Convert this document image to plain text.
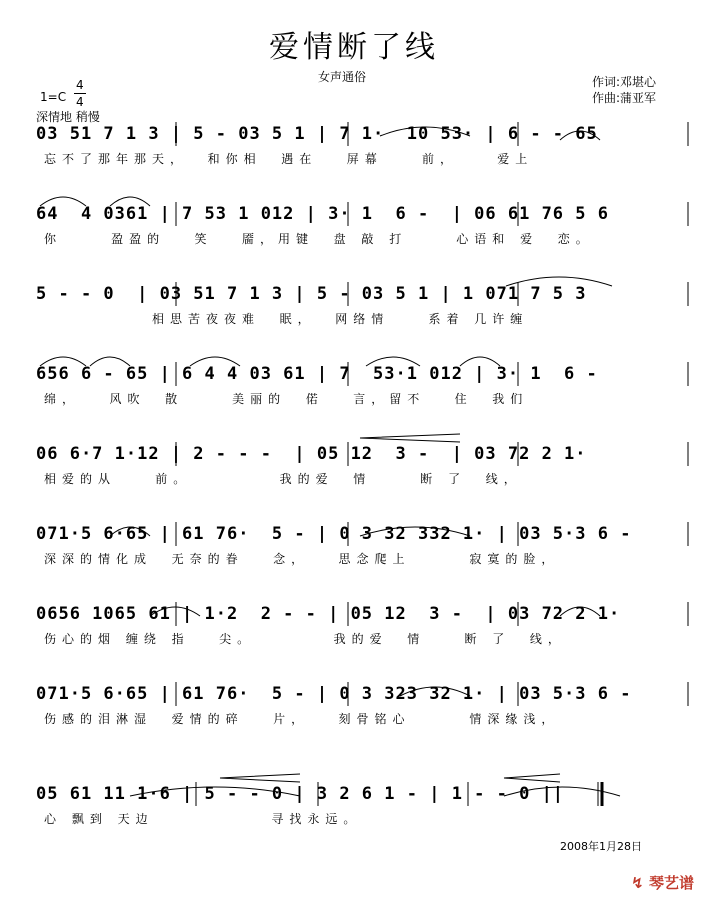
爱情断了线
女声通俗	作词:邓堪心
作曲:蒲亚军
1=C
4
4
深情地 稍慢
03 51 7 1 3 | 5 - 03 5 1 | 7 1·  10 53· | 6 - - 65
忘不了那年那天，  和你相  遇在   屏幕    前，    爱上
64  4 0361 | 7 53 1 012 | 3· 1  6 -  | 06 61 76 5 6
你     盈盈的   笑   靥，用键  盘 敲 打     心语和 爱  恋。
5 - - 0  | 03 51 7 1 3 | 5 - 03 5 1 | 1 071 7 5 3
相思苦夜夜难  眠，  网络情    系着 几许缠
656 6 - 65 | 6 4 4 03 61 | 7  53·1 012 | 3· 1  6 -
绵，   风吹  散     美丽的  偌   言，留不   住  我们
06 6·7 1·12 | 2 - - -  | 05 12  3 -  | 03 72 2 1·
相爱的从    前。         我的爱  情     断 了  线，
071·5 6·65 | 61 76·  5 - | 0 3 32 332 1· | 03 5·3 6 -
深深的情化成  无奈的眷   念，   思念爬上      寂寞的脸，
0656 1065 61 | 1·2  2 - - | 05 12  3 -  | 03 72 2 1·
伤心的烟 缠绕 指   尖。        我的爱  情    断 了  线，
071·5 6·65 | 61 76·  5 - | 0 3 323 32 1· | 03 5·3 6 -
伤感的泪淋湿  爱情的碎   片，   刻骨铭心      情深缘浅，
05 61 11 1·6 | 5 - - 0 | 3 2 6 1 - | 1 - - 0 ||
心 飘到 天边            寻找永远。
2008年1月28日
↯ 琴艺谱
